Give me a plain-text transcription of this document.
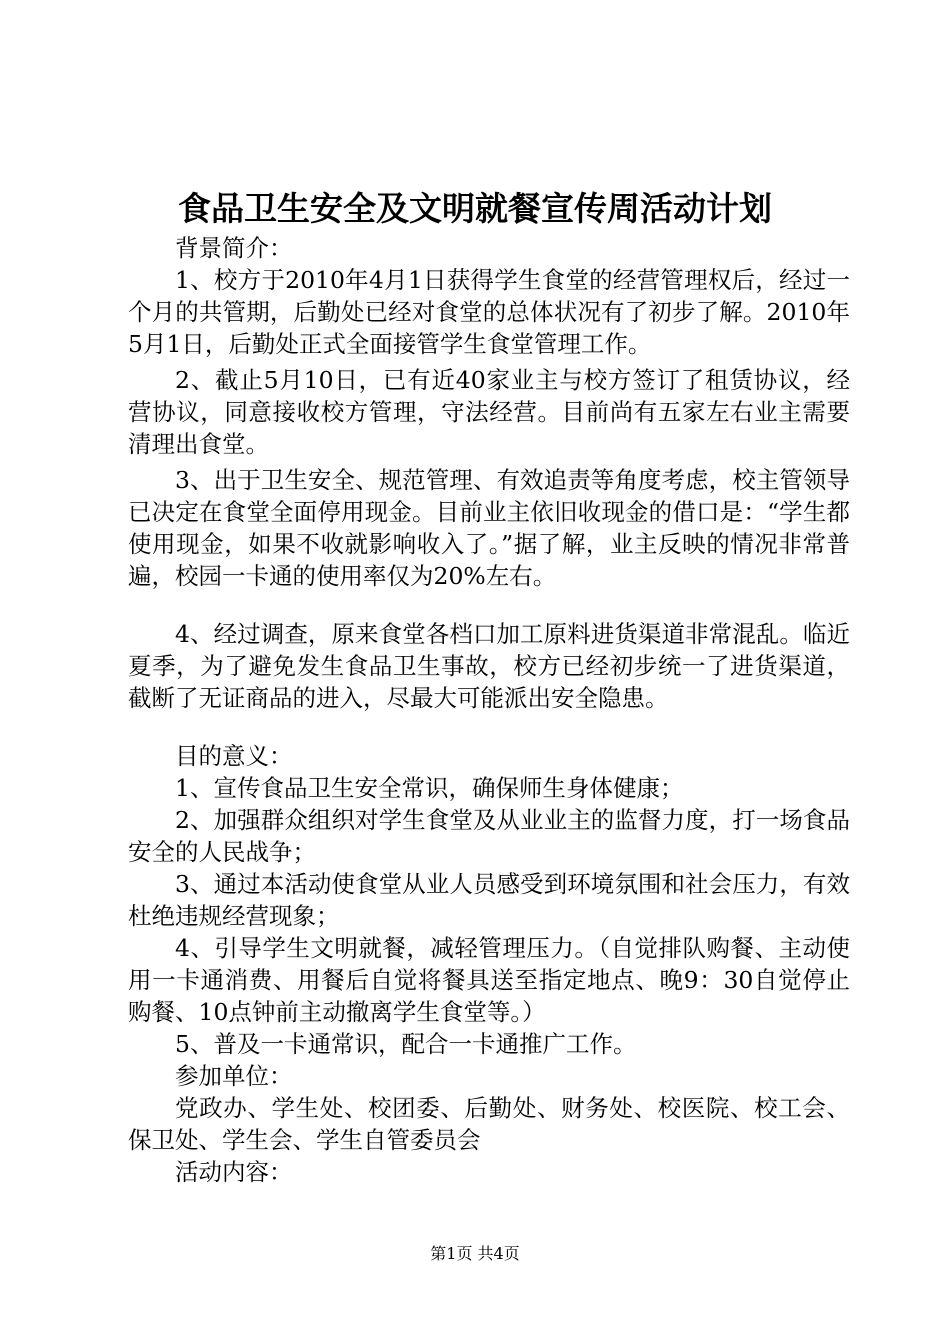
食品卫生安全及文明就餐宣传周活动计划

背景简介：

1、校方于2010年4月1日获得学生食堂的经营管理权后，经过一个月的共管期，后勤处已经对食堂的总体状况有了初步了解。2010年5月1日，后勤处正式全面接管学生食堂管理工作。

2、截止5月10日，已有近40家业主与校方签订了租赁协议，经营协议，同意接收校方管理，守法经营。目前尚有五家左右业主需要清理出食堂。

3、出于卫生安全、规范管理、有效追责等角度考虑，校主管领导已决定在食堂全面停用现金。目前业主依旧收现金的借口是：“学生都使用现金，如果不收就影响收入了。”据了解，业主反映的情况非常普遍，校园一卡通的使用率仅为20%左右。

4、经过调查，原来食堂各档口加工原料进货渠道非常混乱。临近夏季，为了避免发生食品卫生事故，校方已经初步统一了进货渠道，截断了无证商品的进入，尽最大可能派出安全隐患。

目的意义：

1、宣传食品卫生安全常识，确保师生身体健康；

2、加强群众组织对学生食堂及从业业主的监督力度，打一场食品安全的人民战争；

3、通过本活动使食堂从业人员感受到环境氛围和社会压力，有效杜绝违规经营现象；

4、引导学生文明就餐，减轻管理压力。（自觉排队购餐、主动使用一卡通消费、用餐后自觉将餐具送至指定地点、晚9：30自觉停止购餐、10点钟前主动撤离学生食堂等。）

5、普及一卡通常识，配合一卡通推广工作。

参加单位：

党政办、学生处、校团委、后勤处、财务处、校医院、校工会、保卫处、学生会、学生自管委员会

活动内容：

第1页 共4页
